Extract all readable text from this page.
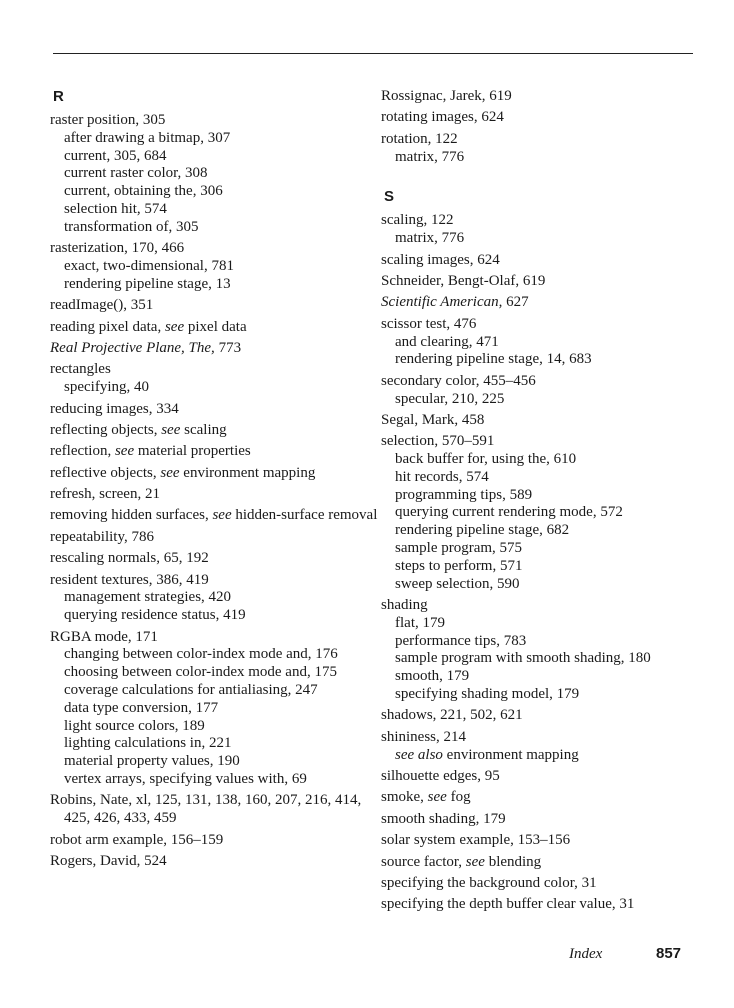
R
raster position, 305
after drawing a bitmap, 307
current, 305, 684
current raster color, 308
current, obtaining the, 306
selection hit, 574
transformation of, 305
rasterization, 170, 466
exact, two-dimensional, 781
rendering pipeline stage, 13
readImage(), 351
reading pixel data, see pixel data
Real Projective Plane, The, 773
rectangles
specifying, 40
reducing images, 334
reflecting objects, see scaling
reflection, see material properties
reflective objects, see environment mapping
refresh, screen, 21
removing hidden surfaces, see hidden-surface removal
repeatability, 786
rescaling normals, 65, 192
resident textures, 386, 419
management strategies, 420
querying residence status, 419
RGBA mode, 171
changing between color-index mode and, 176
choosing between color-index mode and, 175
coverage calculations for antialiasing, 247
data type conversion, 177
light source colors, 189
lighting calculations in, 221
material property values, 190
vertex arrays, specifying values with, 69
Robins, Nate, xl, 125, 131, 138, 160, 207, 216, 414, 425, 426, 433, 459
robot arm example, 156–159
Rogers, David, 524
Rossignac, Jarek, 619
rotating images, 624
rotation, 122
matrix, 776
S
scaling, 122
matrix, 776
scaling images, 624
Schneider, Bengt-Olaf, 619
Scientific American, 627
scissor test, 476
and clearing, 471
rendering pipeline stage, 14, 683
secondary color, 455–456
specular, 210, 225
Segal, Mark, 458
selection, 570–591
back buffer for, using the, 610
hit records, 574
programming tips, 589
querying current rendering mode, 572
rendering pipeline stage, 682
sample program, 575
steps to perform, 571
sweep selection, 590
shading
flat, 179
performance tips, 783
sample program with smooth shading, 180
smooth, 179
specifying shading model, 179
shadows, 221, 502, 621
shininess, 214
see also environment mapping
silhouette edges, 95
smoke, see fog
smooth shading, 179
solar system example, 153–156
source factor, see blending
specifying the background color, 31
specifying the depth buffer clear value, 31
Index	857
